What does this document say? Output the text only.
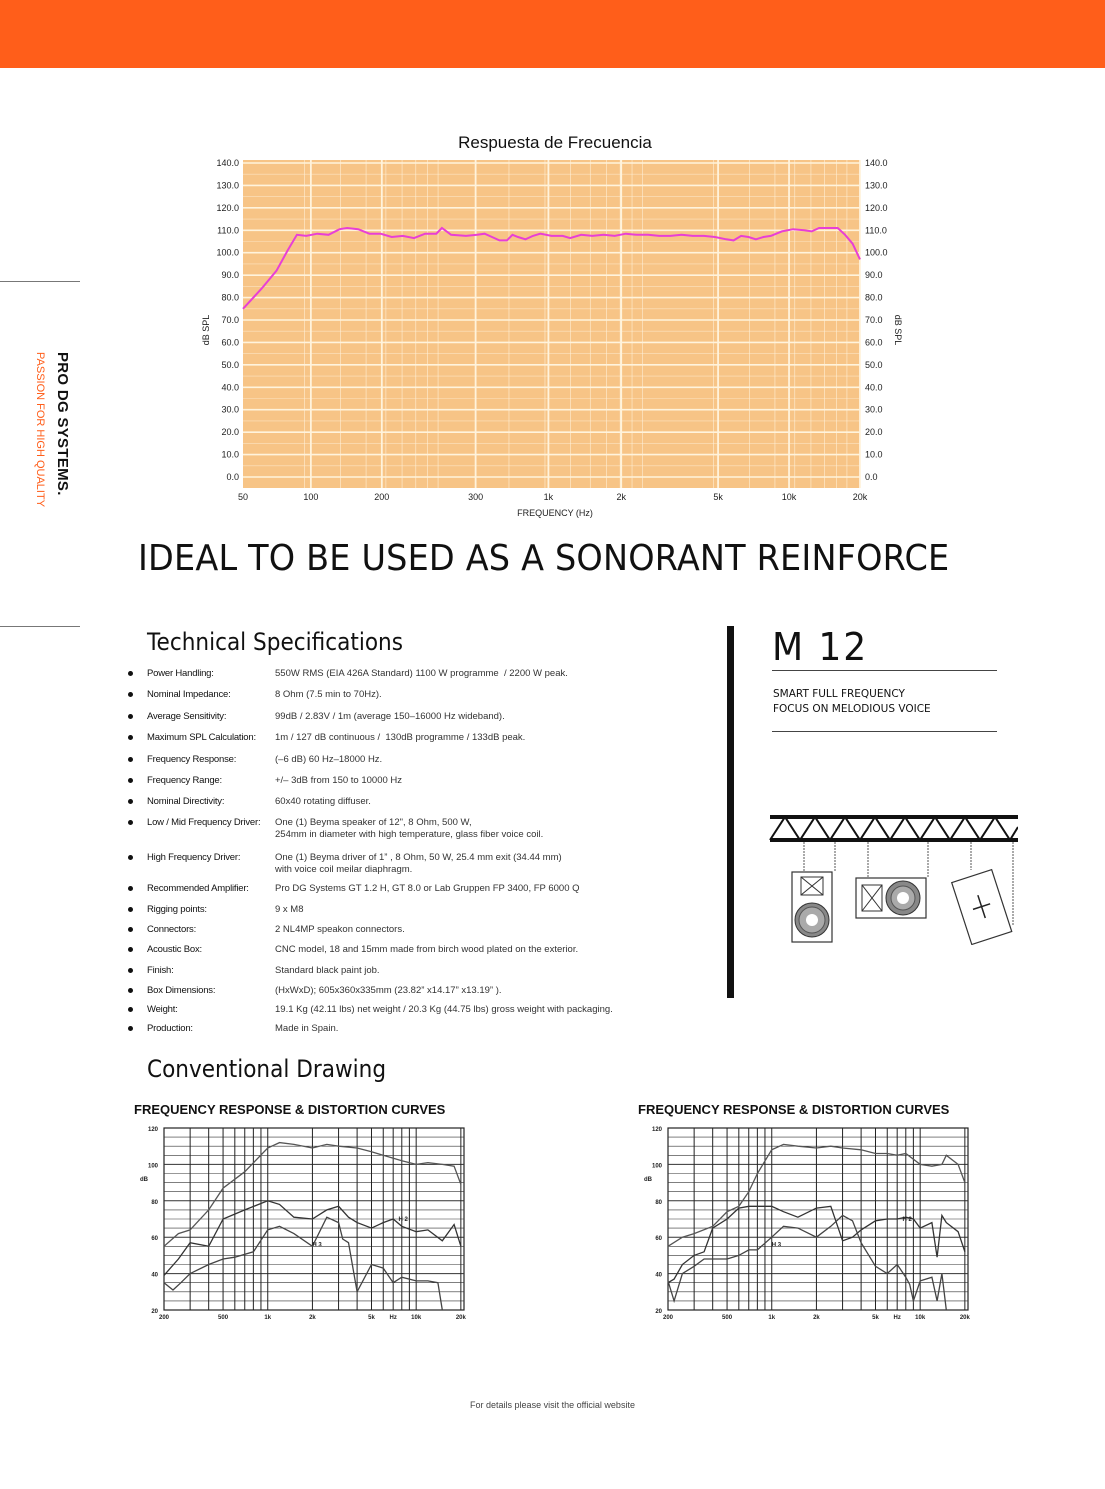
PRO DG SYSTEMS.
PASSION FOR HIGH QUALITY
Respuesta de Frecuencia
0.0
10.0
20.0
30.0
40.0
50.0
60.0
70.0
80.0
90.0
100.0
110.0
120.0
130.0
140.0
0.0
10.0
20.0
30.0
40.0
50.0
60.0
70.0
80.0
90.0
100.0
110.0
120.0
130.0
140.0
50	100	200	300	1k	2k	5k	10k	20k
dB SPL	dB SPL
FREQUENCY (Hz)
IDEAL TO BE USED AS A SONORANT REINFORCE
Technical Specifications
Power Handling:	550W RMS (EIA 426A Standard) 1100 W programme  / 2200 W peak.
Nominal Impedance:	8 Ohm (7.5 min to 70Hz).
Average Sensitivity:	99dB / 2.83V / 1m (average 150–16000 Hz wideband).
Maximum SPL Calculation: 1m / 127 dB continuous /  130dB programme / 133dB peak.
Frequency Response:	(–6 dB) 60 Hz–18000 Hz.
Frequency Range:	+/– 3dB from 150 to 10000 Hz
Nominal Directivity:	60x40 rotating diffuser.
Low / Mid Frequency Driver: One (1) Beyma speaker of 12", 8 Ohm, 500 W,
254mm in diameter with high temperature, glass fiber voice coil.
High Frequency Driver:	One (1) Beyma driver of 1” , 8 Ohm, 50 W, 25.4 mm exit (34.44 mm)
with voice coil meilar diaphragm.
Recommended Amplifier:	Pro DG Systems GT 1.2 H, GT 8.0 or Lab Gruppen FP 3400, FP 6000 Q
Rigging points:	9 x M8
Connectors:	2 NL4MP speakon connectors.
Acoustic Box:	CNC model, 18 and 15mm made from birch wood plated on the exterior.
Finish:	Standard black paint job.
Box Dimensions:	(HxWxD); 605x360x335mm (23.82” x14.17” x13.19” ).
Weight:	19.1 Kg (42.11 lbs) net weight / 20.3 Kg (44.75 lbs) gross weight with packaging.
Production:	Made in Spain.
M 12
SMART FULL FREQUENCY
FOCUS ON MELODIOUS VOICE
Conventional Drawing
FREQUENCY RESPONSE & DISTORTION CURVES
20
40
60
80
100
120
dB
200	500	1k	2k	5k Hz 10k	20k
H 2
H 3
FREQUENCY RESPONSE & DISTORTION CURVES
20
40
60
80
100
120
dB
200	500	1k	2k	5k Hz 10k	20k
H 2
H 3
For details please visit the official website
